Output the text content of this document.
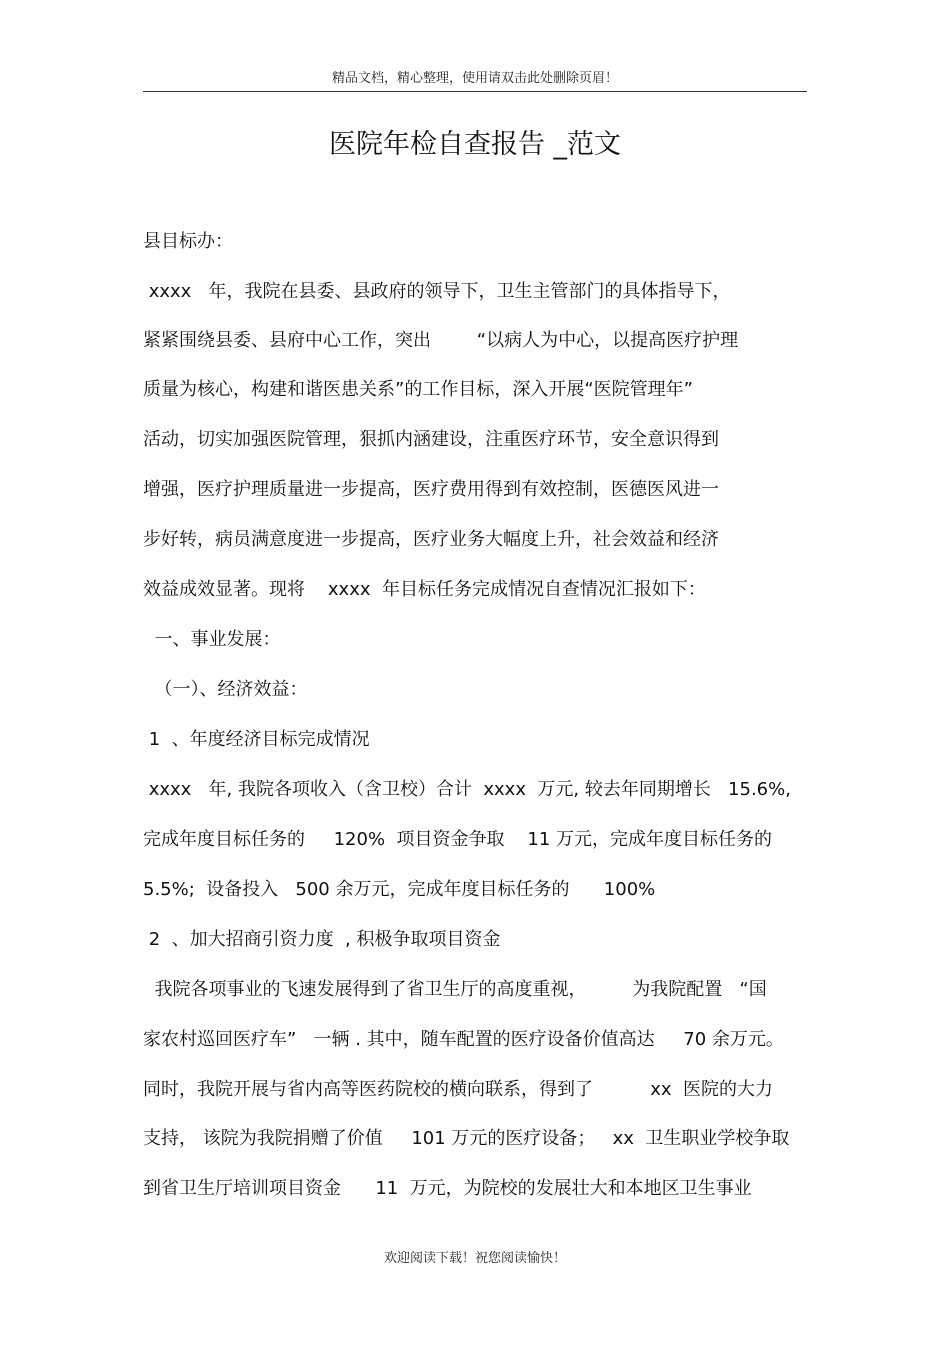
精品文档，精心整理，使用请双击此处删除页眉！
医院年检自查报告 _范文
县目标办：
xxxx   年，我院在县委、县政府的领导下，卫生主管部门的具体指导下，
紧紧围绕县委、县府中心工作，突出        “以病人为中心，以提高医疗护理
质量为核心，构建和谐医患关系”的工作目标，深入开展“医院管理年”
活动，切实加强医院管理，狠抓内涵建设，注重医疗环节，安全意识得到
增强，医疗护理质量进一步提高，医疗费用得到有效控制，医德医风进一
步好转，病员满意度进一步提高，医疗业务大幅度上升，社会效益和经济
效益成效显著。现将    xxxx  年目标任务完成情况自查情况汇报如下：
一、事业发展：
（一）、经济效益：
1  、年度经济目标完成情况
xxxx   年, 我院各项收入（含卫校）合计  xxxx  万元, 较去年同期增长   15.6%,
完成年度目标任务的     120%  项目资金争取    11 万元，完成年度目标任务的
5.5%;  设备投入   500 余万元，完成年度目标任务的      100%
2  、加大招商引资力度  , 积极争取项目资金
我院各项事业的飞速发展得到了省卫生厅的高度重视，        为我院配置   “国
家农村巡回医疗车”   一辆 . 其中，随车配置的医疗设备价值高达     70 余万元。
同时，我院开展与省内高等医药院校的横向联系，得到了          xx  医院的大力
支持， 该院为我院捐赠了价值     101 万元的医疗设备；   xx  卫生职业学校争取
到省卫生厅培训项目资金      11  万元，为院校的发展壮大和本地区卫生事业
欢迎阅读下载！祝您阅读愉快！
